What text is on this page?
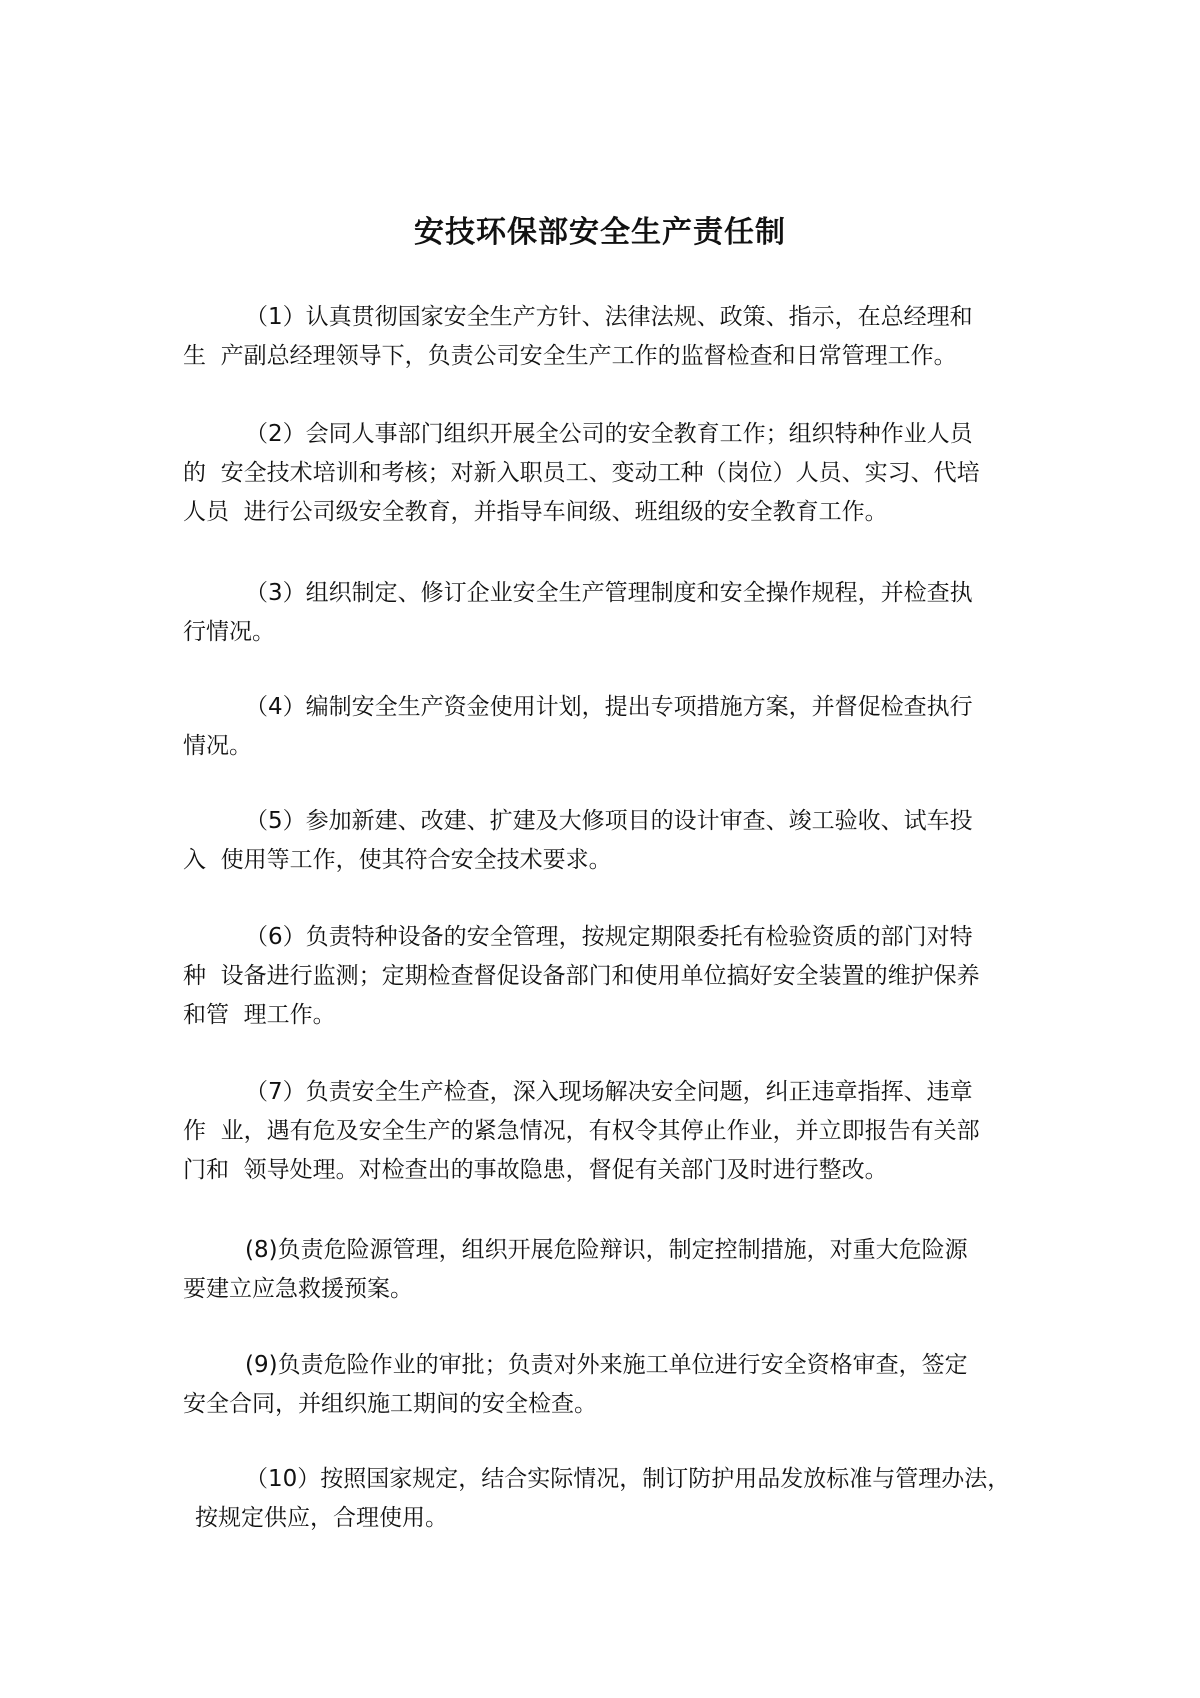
安技环保部安全生产责任制

（1）认真贯彻国家安全生产方针、法律法规、政策、指示，在总经理和
生  产副总经理领导下，负责公司安全生产工作的监督检查和日常管理工作。

（2）会同人事部门组织开展全公司的安全教育工作；组织特种作业人员
的  安全技术培训和考核；对新入职员工、变动工种（岗位）人员、实习、代培
人员  进行公司级安全教育，并指导车间级、班组级的安全教育工作。

（3）组织制定、修订企业安全生产管理制度和安全操作规程，并检查执
行情况。

（4）编制安全生产资金使用计划，提出专项措施方案，并督促检查执行
情况。

（5）参加新建、改建、扩建及大修项目的设计审查、竣工验收、试车投
入  使用等工作，使其符合安全技术要求。

（6）负责特种设备的安全管理，按规定期限委托有检验资质的部门对特
种  设备进行监测；定期检查督促设备部门和使用单位搞好安全装置的维护保养
和管  理工作。

（7）负责安全生产检查，深入现场解决安全问题，纠正违章指挥、违章
作  业，遇有危及安全生产的紧急情况，有权令其停止作业，并立即报告有关部
门和  领导处理。对检查出的事故隐患，督促有关部门及时进行整改。

(8)负责危险源管理，组织开展危险辩识，制定控制措施，对重大危险源
要建立应急救援预案。

(9)负责危险作业的审批；负责对外来施工单位进行安全资格审查，签定
安全合同，并组织施工期间的安全检查。

（10）按照国家规定，结合实际情况，制订防护用品发放标准与管理办法，
按规定供应，合理使用。
